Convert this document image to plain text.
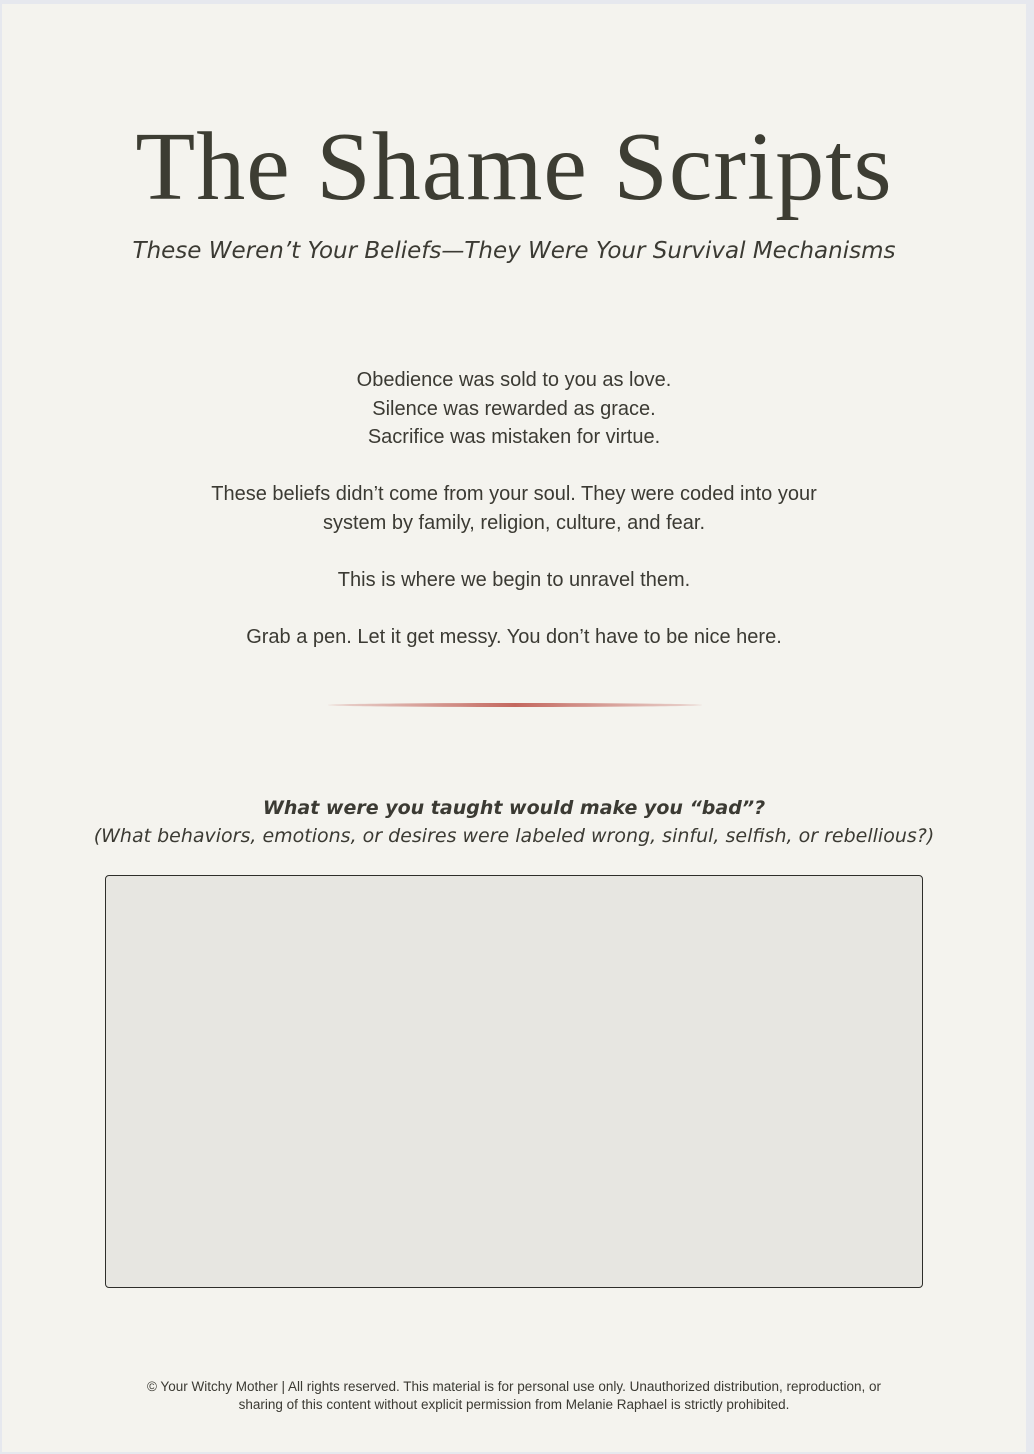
The Shame Scripts

These Weren’t Your Beliefs—They Were Your Survival Mechanisms

Obedience was sold to you as love.

Silence was rewarded as grace.

Sacrifice was mistaken for virtue.

These beliefs didn’t come from your soul. They were coded into your

system by family, religion, culture, and fear.

This is where we begin to unravel them.

Grab a pen. Let it get messy. You don’t have to be nice here.

What were you taught would make you “bad”?

(What behaviors, emotions, or desires were labeled wrong, sinful, selfish, or rebellious?)

© Your Witchy Mother | All rights reserved. This material is for personal use only. Unauthorized distribution, reproduction, or
sharing of this content without explicit permission from Melanie Raphael is strictly prohibited.
